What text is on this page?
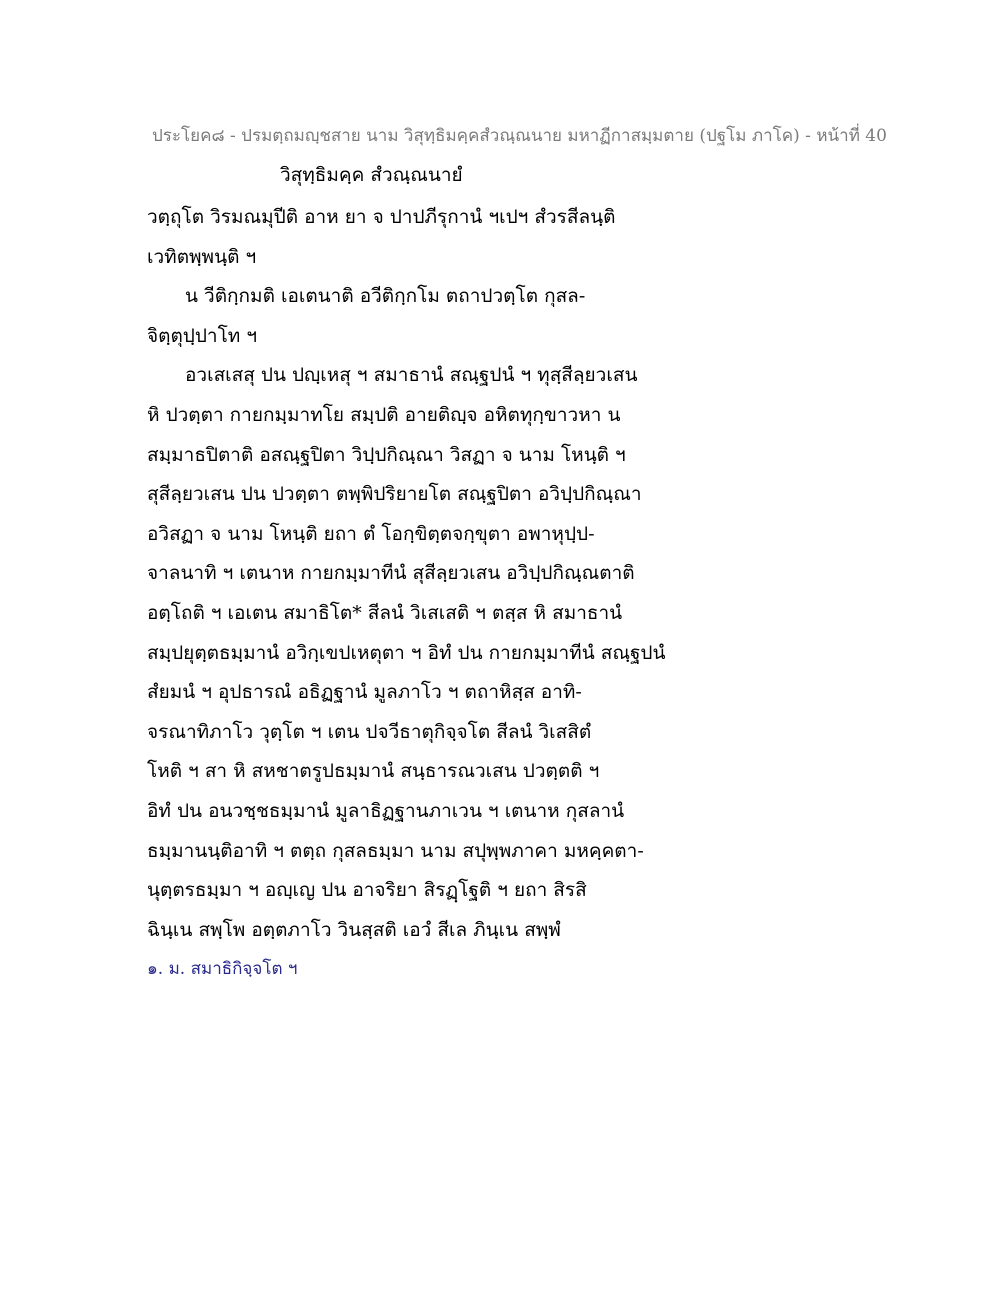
ประโยค๘ - ปรมตฺถมญฺชสาย นาม วิสุทฺธิมคฺคสํวณฺณนาย มหาฏีกาสมฺมตาย (ปฐโม ภาโค) - หน้าที่ 40
วิสุทฺธิมคฺค สํวณฺณนายํ
วตฺถุโต วิรมณมุปีติ อาห ยา จ ปาปภีรุกานํ ฯเปฯ สํวรสีลนฺติ
เวทิตพฺพนฺติ ฯ
น วีติกฺกมติ เอเตนาติ อวีติกฺกโม ตถาปวตฺโต กุสล-
จิตฺตุปฺปาโท ฯ
อวเสเสสุ ปน ปญฺเหสุ ฯ สมาธานํ สณฺฐปนํ ฯ ทุสฺสีลฺยวเสน
หิ ปวตฺตา กายกมฺมาทโย สมฺปติ อายติญฺจ อหิตทุกฺขาวหา น
สมฺมาธปิตาติ อสณฺฐปิตา วิปฺปกิณฺณา วิสฏา จ นาม โหนฺติ ฯ
สุสีลฺยวเสน ปน ปวตฺตา ตพฺพิปริยายโต สณฺฐปิตา อวิปฺปกิณฺณา
อวิสฏา จ นาม โหนฺติ ยถา ตํ โอกฺขิตฺตจกฺขุตา อพาหุปฺป-
จาลนาทิ ฯ เตนาห กายกมฺมาทีนํ สุสีลฺยวเสน อวิปฺปกิณฺณตาติ
อตฺโถติ ฯ เอเตน สมาธิโต* สีลนํ วิเสเสติ ฯ ตสฺส หิ สมาธานํ
สมฺปยุตฺตธมฺมานํ อวิกฺเขปเหตุตา ฯ อิทํ ปน กายกมฺมาทีนํ สณฺฐปนํ
สํยมนํ ฯ อุปธารณํ อธิฏฐานํ มูลภาโว ฯ ตถาหิสฺส อาทิ-
จรณาทิภาโว วุตฺโต ฯ เตน ปจวีธาตุกิจฺจโต สีลนํ วิเสสิตํ
โหติ ฯ สา หิ สหชาตรูปธมฺมานํ สนฺธารณวเสน ปวตฺตติ ฯ
อิทํ ปน อนวชฺชธมฺมานํ มูลาธิฏฐานภาเวน ฯ เตนาห กุสลานํ
ธมฺมานนฺติอาทิ ฯ ตตฺถ กุสลธมฺมา นาม สปุพฺพภาคา มหคฺคตา-
นุตฺตรธมฺมา ฯ อญฺเญ ปน อาจริยา สิรฏฺโฐติ ฯ ยถา สิรสิ
ฉินฺเน สพฺโพ อตฺตภาโว วินสฺสติ เอวํ สีเล ภินฺเน สพฺพํ
๑. ม. สมาธิกิจฺจโต ฯ
